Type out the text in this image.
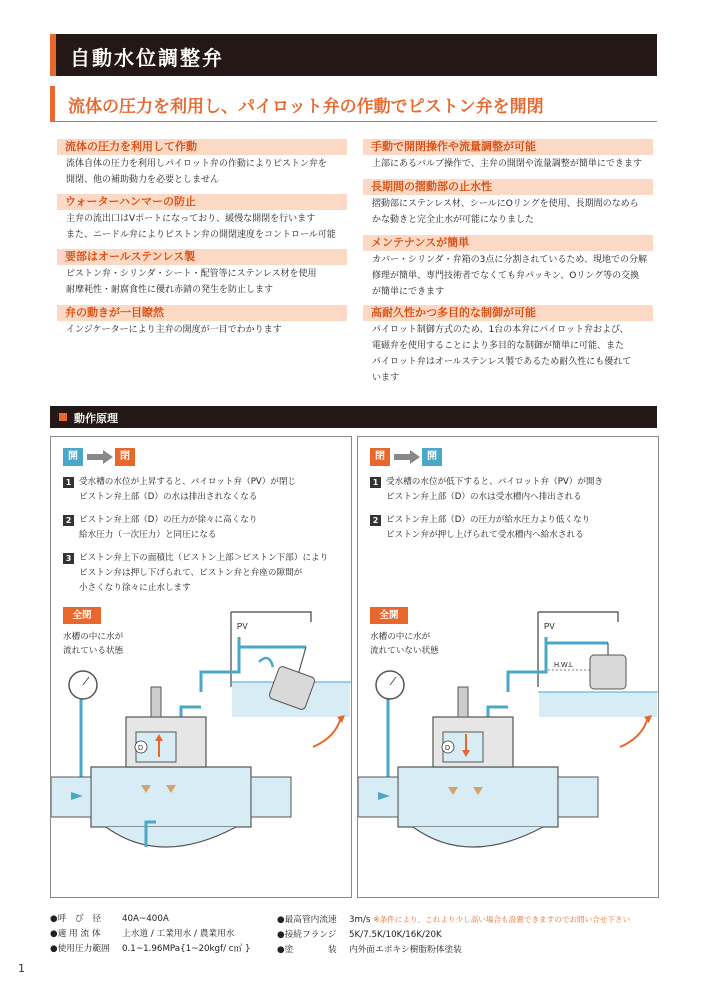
自動水位調整弁
流体の圧力を利用し、パイロット弁の作動でピストン弁を開閉
流体の圧力を利用して作動
流体自体の圧力を利用しパイロット弁の作動によりピストン弁を
開閉、他の補助動力を必要としません
ウォーターハンマーの防止
主弁の流出口はVポートになっており、緩慢な開閉を行います
また、ニードル弁によりピストン弁の開閉速度をコントロール可能
要部はオールステンレス製
ピストン弁・シリンダ・シート・配管等にステンレス材を使用
耐摩耗性・耐腐食性に優れ赤錆の発生を防止します
弁の動きが一目瞭然
インジケーターにより主弁の開度が一目でわかります
手動で開閉操作や流量調整が可能
上部にあるバルブ操作で、主弁の開閉や流量調整が簡単にできます
長期間の摺動部の止水性
摺動部にステンレス材、シールにOリングを使用、長期間のなめら
かな動きと完全止水が可能になりました
メンテナンスが簡単
カバー・シリンダ・弁箱の3点に分割されているため、現地での分解
修理が簡単、専門技術者でなくても弁パッキン、Oリング等の交換
が簡単にできます
高耐久性かつ多目的な制御が可能
パイロット制御方式のため、1台の本弁にパイロット弁および、
電磁弁を使用することにより多目的な制御が簡単に可能、また
パイロット弁はオールステンレス製であるため耐久性にも優れて
います
動作原理
開	閉
1 受水槽の水位が上昇すると、パイロット弁（PV）が閉じ
ピストン弁上部（D）の水は排出されなくなる
2 ピストン弁上部（D）の圧力が徐々に高くなり
給水圧力（一次圧力）と同圧になる
3 ピストン弁上下の面積比（ピストン上部＞ピストン下部）により
ピストン弁は押し下げられて、ピストン弁と弁座の隙間が
小さくなり徐々に止水します
PV
D
全閉
水槽の中に水が
流れている状態
閉	開
1 受水槽の水位が低下すると、パイロット弁（PV）が開き
ピストン弁上部（D）の水は受水槽内へ排出される
2 ピストン弁上部（D）の圧力が給水圧力より低くなり
ピストン弁が押し上げられて受水槽内へ給水される
PV
H.W.L
D
全開
水槽の中に水が
流れていない状態
●呼　び　径 40A~400A
●適 用 流 体 上水道 / 工業用水 / 農業用水
●使用圧力範囲 0.1~1.96MPa{1~20kgf/ c㎡ }
●最高管内流速 3m/s ※条件により、これより少し高い場合も設置できますのでお問い合せ下さい
●接続フランジ 5K/7.5K/10K/16K/20K
●塗　　　　装 内外面エポキシ樹脂粉体塗装
1
